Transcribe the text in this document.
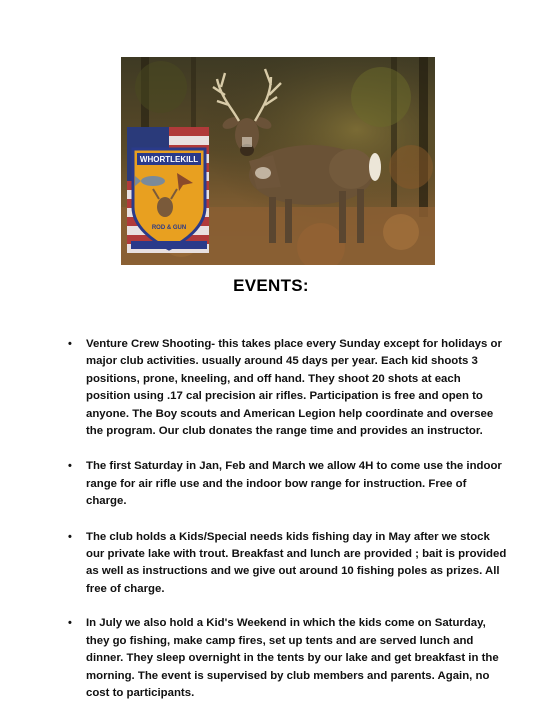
WHORTLEKILL
ROD & GUN
EVENTS:
• Venture Crew Shooting- this takes place every Sunday except for holidays or major club activities. usually around 45 days per year. Each kid shoots 3 positions, prone, kneeling, and off hand. They shoot 20 shots at each position using .17 cal precision air rifles. Participation is free and open to anyone. The Boy scouts and American Legion help coordinate and oversee the program. Our club donates the range time and provides an instructor.
• The first Saturday in Jan, Feb and March we allow 4H to come use the indoor range for air rifle use and the indoor bow range for instruction. Free of charge.
• The club holds a Kids/Special needs kids fishing day in May after we stock our private lake with trout. Breakfast and lunch are provided ; bait is provided as well as instructions and we give out around 10 fishing poles as prizes. All free of charge.
• In July we also hold a Kid's Weekend in which the kids come on Saturday, they go fishing, make camp fires, set up tents and are served lunch and dinner. They sleep overnight in the tents by our lake and get breakfast in the morning. The event is supervised by club members and parents. Again, no cost to participants.
